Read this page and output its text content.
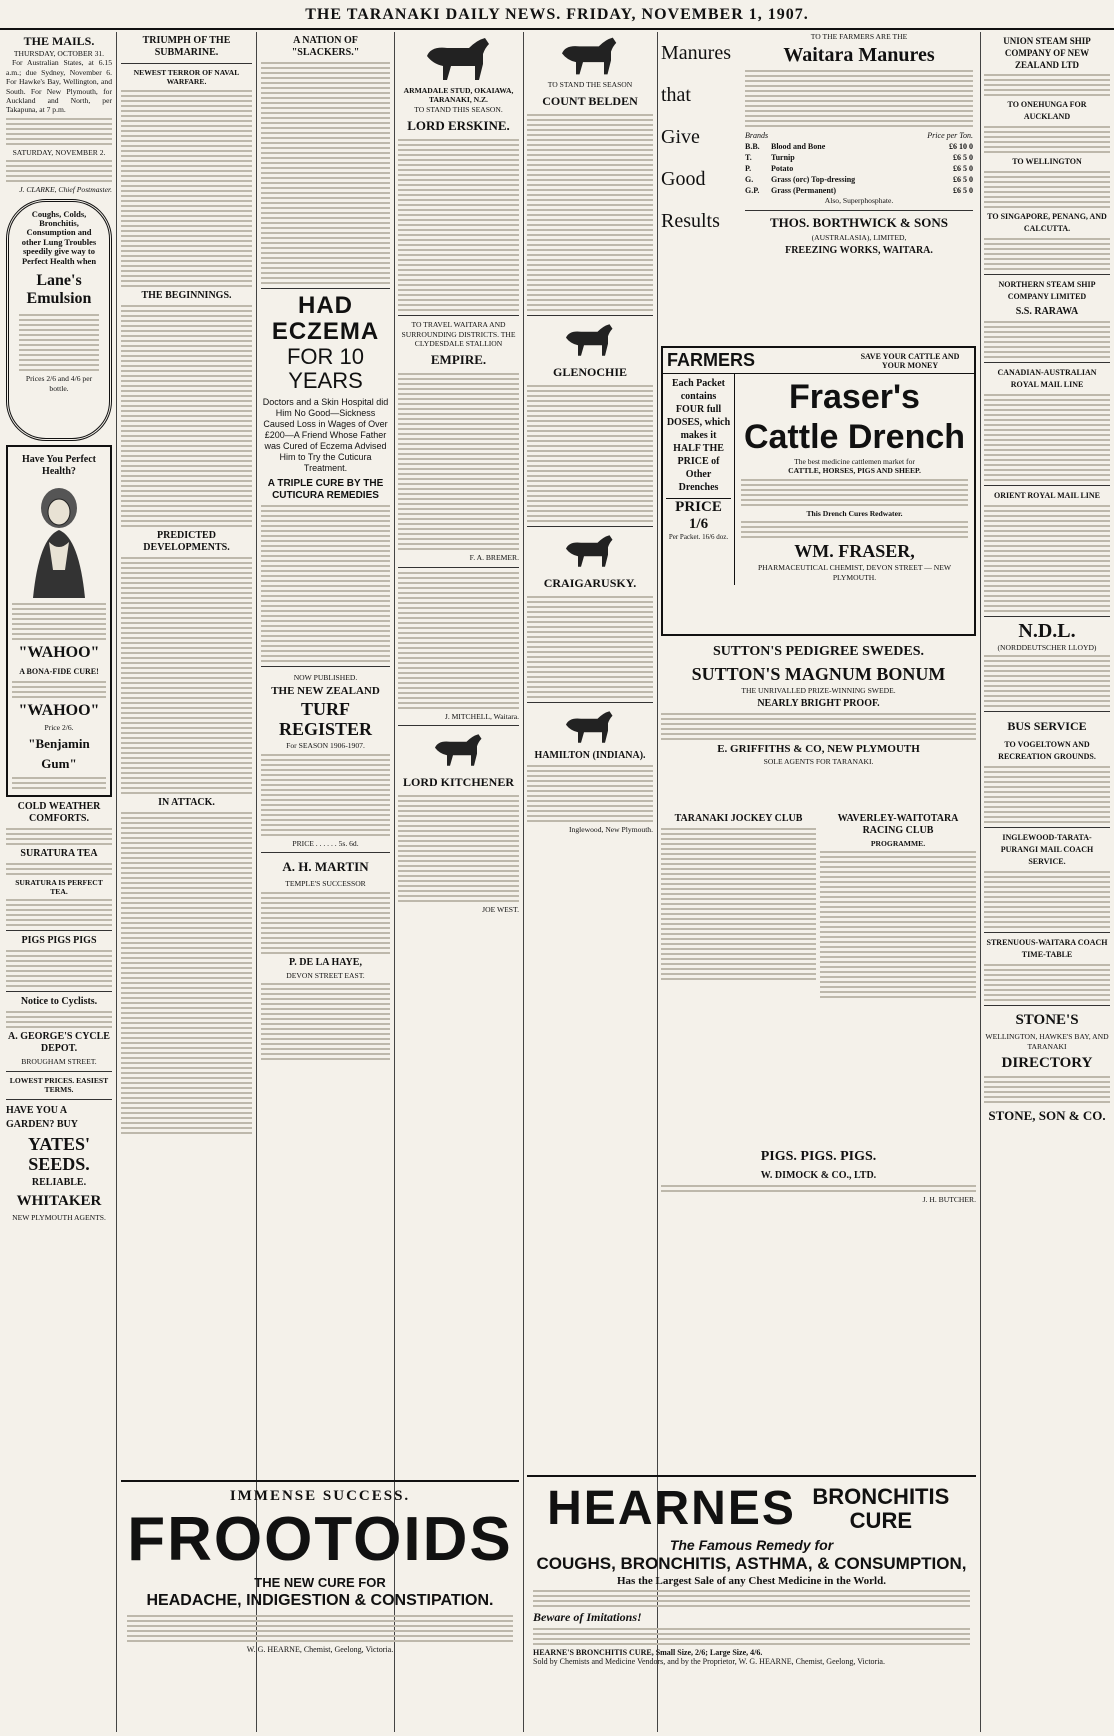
THE TARANAKI DAILY NEWS. FRIDAY, NOVEMBER 1, 1907.
THE MAILS.
THURSDAY, OCTOBER 31.
For Australian States, at 6.15 a.m.; due Sydney, November 6. For Hawke's Bay, Wellington, and South. For New Plymouth, for Auckland and North, per Takapuna, at 7 p.m.
SATURDAY, NOVEMBER 2.
J. CLARKE, Chief Postmaster.
Coughs, Colds, Bronchitis, Consumption and other Lung Troubles speedily give way to Perfect Health when
Lane's Emulsion
Prices 2/6 and 4/6 per bottle.
Have You Perfect Health?
"WAHOO"
A BONA-FIDE CURE!
"WAHOO"
Price 2/6.
"Benjamin Gum"
COLD WEATHER COMFORTS.
SURATURA TEA
SURATURA IS PERFECT TEA.
PIGS PIGS PIGS
Notice to Cyclists.
A. GEORGE'S CYCLE DEPOT.
BROUGHAM STREET.
LOWEST PRICES. EASIEST TERMS.
HAVE YOU A GARDEN? BUY
YATES' SEEDS.
RELIABLE.
WHITAKER
NEW PLYMOUTH AGENTS.
TRIUMPH OF THE SUBMARINE.
NEWEST TERROR OF NAVAL WARFARE.
THE BEGINNINGS.
PREDICTED DEVELOPMENTS.
IN ATTACK.
A NATION OF "SLACKERS."
HAD ECZEMA
FOR 10 YEARS
Doctors and a Skin Hospital did Him No Good—Sickness Caused Loss in Wages of Over £200—A Friend Whose Father was Cured of Eczema Advised Him to Try the Cuticura Treatment.
A TRIPLE CURE BY THE CUTICURA REMEDIES
NOW PUBLISHED.
THE NEW ZEALAND
TURF REGISTER
For SEASON 1906-1907.
PRICE . . . . . . 5s. 6d.
A. H. MARTIN
TEMPLE'S SUCCESSOR
P. DE LA HAYE,
DEVON STREET EAST.
ARMADALE STUD, OKAIAWA, TARANAKI, N.Z.
TO STAND THIS SEASON.
LORD ERSKINE.
TO TRAVEL WAITARA AND SURROUNDING DISTRICTS. THE CLYDESDALE STALLION
EMPIRE.
F. A. BREMER.
J. MITCHELL, Waitara.
LORD KITCHENER
JOE WEST.
TO STAND THE SEASON
COUNT BELDEN
GLENOCHIE
CRAIGARUSKY.
HAMILTON (INDIANA).
Inglewood, New Plymouth.
Manures
that
Give
Good
Results
TO THE FARMERS ARE THE
Waitara Manures
Brands	Price per Ton.
B.B.	Blood and Bone	£6 10 0
T.	Turnip	£6 5 0
P.	Potato	£6 5 0
G.	Grass (orc) Top-dressing	£6 5 0
G.P.	Grass (Permanent)	£6 5 0
Also, Superphosphate.
THOS. BORTHWICK & SONS
(AUSTRALASIA), LIMITED,
FREEZING WORKS, WAITARA.
FARMERS	SAVE YOUR CATTLE AND YOUR MONEY
Each Packet contains FOUR full DOSES, which makes it HALF THE PRICE of Other Drenches
PRICE 1/6
Per Packet. 16/6 doz.
Fraser's Cattle Drench
The best medicine cattlemen market for
CATTLE, HORSES, PIGS AND SHEEP.
This Drench Cures Redwater.
WM. FRASER,
PHARMACEUTICAL CHEMIST, DEVON STREET — NEW PLYMOUTH.
SUTTON'S PEDIGREE SWEDES.
SUTTON'S MAGNUM BONUM
THE UNRIVALLED PRIZE-WINNING SWEDE.
NEARLY BRIGHT PROOF.
E. GRIFFITHS & CO, NEW PLYMOUTH
SOLE AGENTS FOR TARANAKI.
TARANAKI JOCKEY CLUB	WAVERLEY-WAITOTARA RACING CLUB
PROGRAMME.
PIGS. PIGS. PIGS.
W. DIMOCK & CO., LTD.
J. H. BUTCHER.
UNION STEAM SHIP COMPANY OF NEW ZEALAND LTD
TO ONEHUNGA FOR AUCKLAND
TO WELLINGTON
TO SINGAPORE, PENANG, AND CALCUTTA.
NORTHERN STEAM SHIP COMPANY LIMITED
S.S. RARAWA
CANADIAN-AUSTRALIAN ROYAL MAIL LINE
ORIENT ROYAL MAIL LINE
N.D.L.
(NORDDEUTSCHER LLOYD)
BUS SERVICE
TO VOGELTOWN AND RECREATION GROUNDS.
INGLEWOOD-TARATA-PURANGI MAIL COACH SERVICE.
STRENUOUS-WAITARA COACH TIME-TABLE
STONE'S
WELLINGTON, HAWKE'S BAY, AND TARANAKI
DIRECTORY
STONE, SON & CO.
IMMENSE SUCCESS.
FROOTOIDS
THE NEW CURE FOR
HEADACHE, INDIGESTION & CONSTIPATION.
W. G. HEARNE, Chemist, Geelong, Victoria.
HEARNES BRONCHITIS CURE
The Famous Remedy for
COUGHS, BRONCHITIS, ASTHMA, & CONSUMPTION,
Has the Largest Sale of any Chest Medicine in the World.
Beware of Imitations!
HEARNE'S BRONCHITIS CURE, Small Size, 2/6; Large Size, 4/6.
Sold by Chemists and Medicine Vendors, and by the Proprietor, W. G. HEARNE, Chemist, Geelong, Victoria.
